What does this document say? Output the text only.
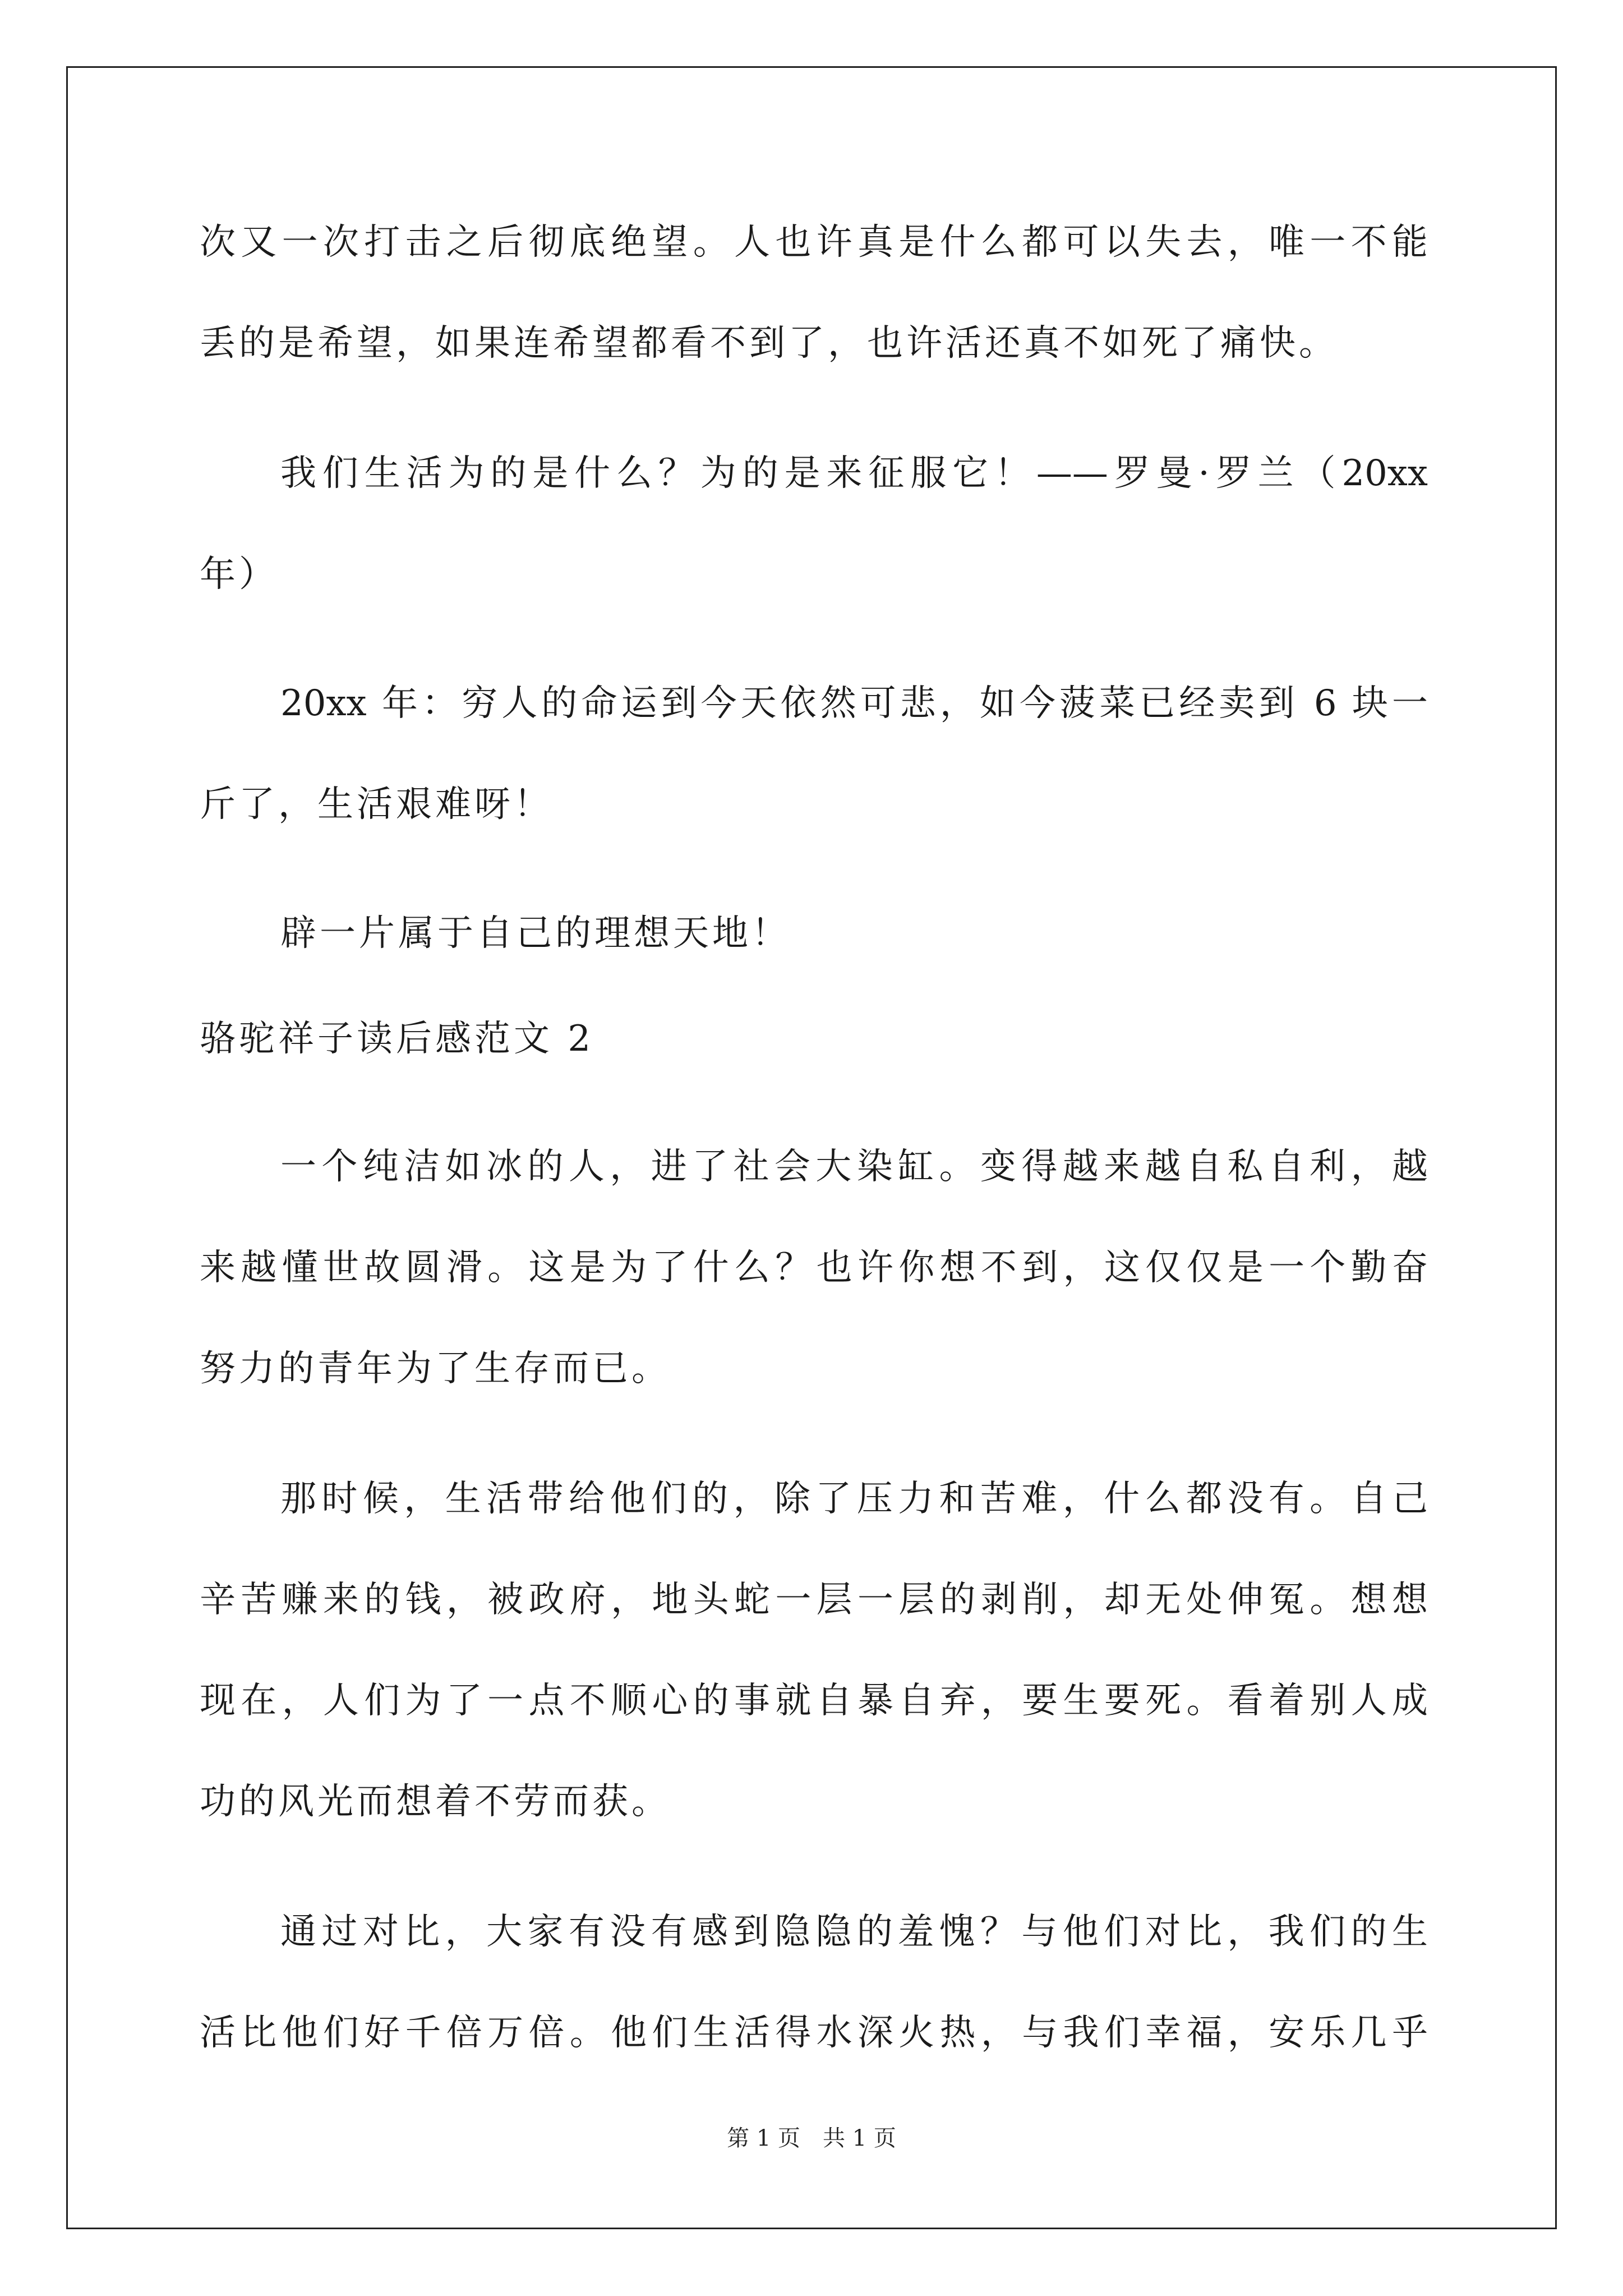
次又一次打击之后彻底绝望。人也许真是什么都可以失去，唯一不能
丢的是希望，如果连希望都看不到了，也许活还真不如死了痛快。
我们生活为的是什么？为的是来征服它！——罗曼·罗兰（20xx
年）
20xx 年：穷人的命运到今天依然可悲，如今菠菜已经卖到 6 块一
斤了，生活艰难呀！
辟一片属于自己的理想天地！
骆驼祥子读后感范文 2
一个纯洁如冰的人，进了社会大染缸。变得越来越自私自利，越
来越懂世故圆滑。这是为了什么？也许你想不到，这仅仅是一个勤奋
努力的青年为了生存而已。
那时候，生活带给他们的，除了压力和苦难，什么都没有。自己
辛苦赚来的钱，被政府，地头蛇一层一层的剥削，却无处伸冤。想想
现在，人们为了一点不顺心的事就自暴自弃，要生要死。看着别人成
功的风光而想着不劳而获。
通过对比，大家有没有感到隐隐的羞愧？与他们对比，我们的生
活比他们好千倍万倍。他们生活得水深火热，与我们幸福，安乐几乎
第 1 页　共 1 页
